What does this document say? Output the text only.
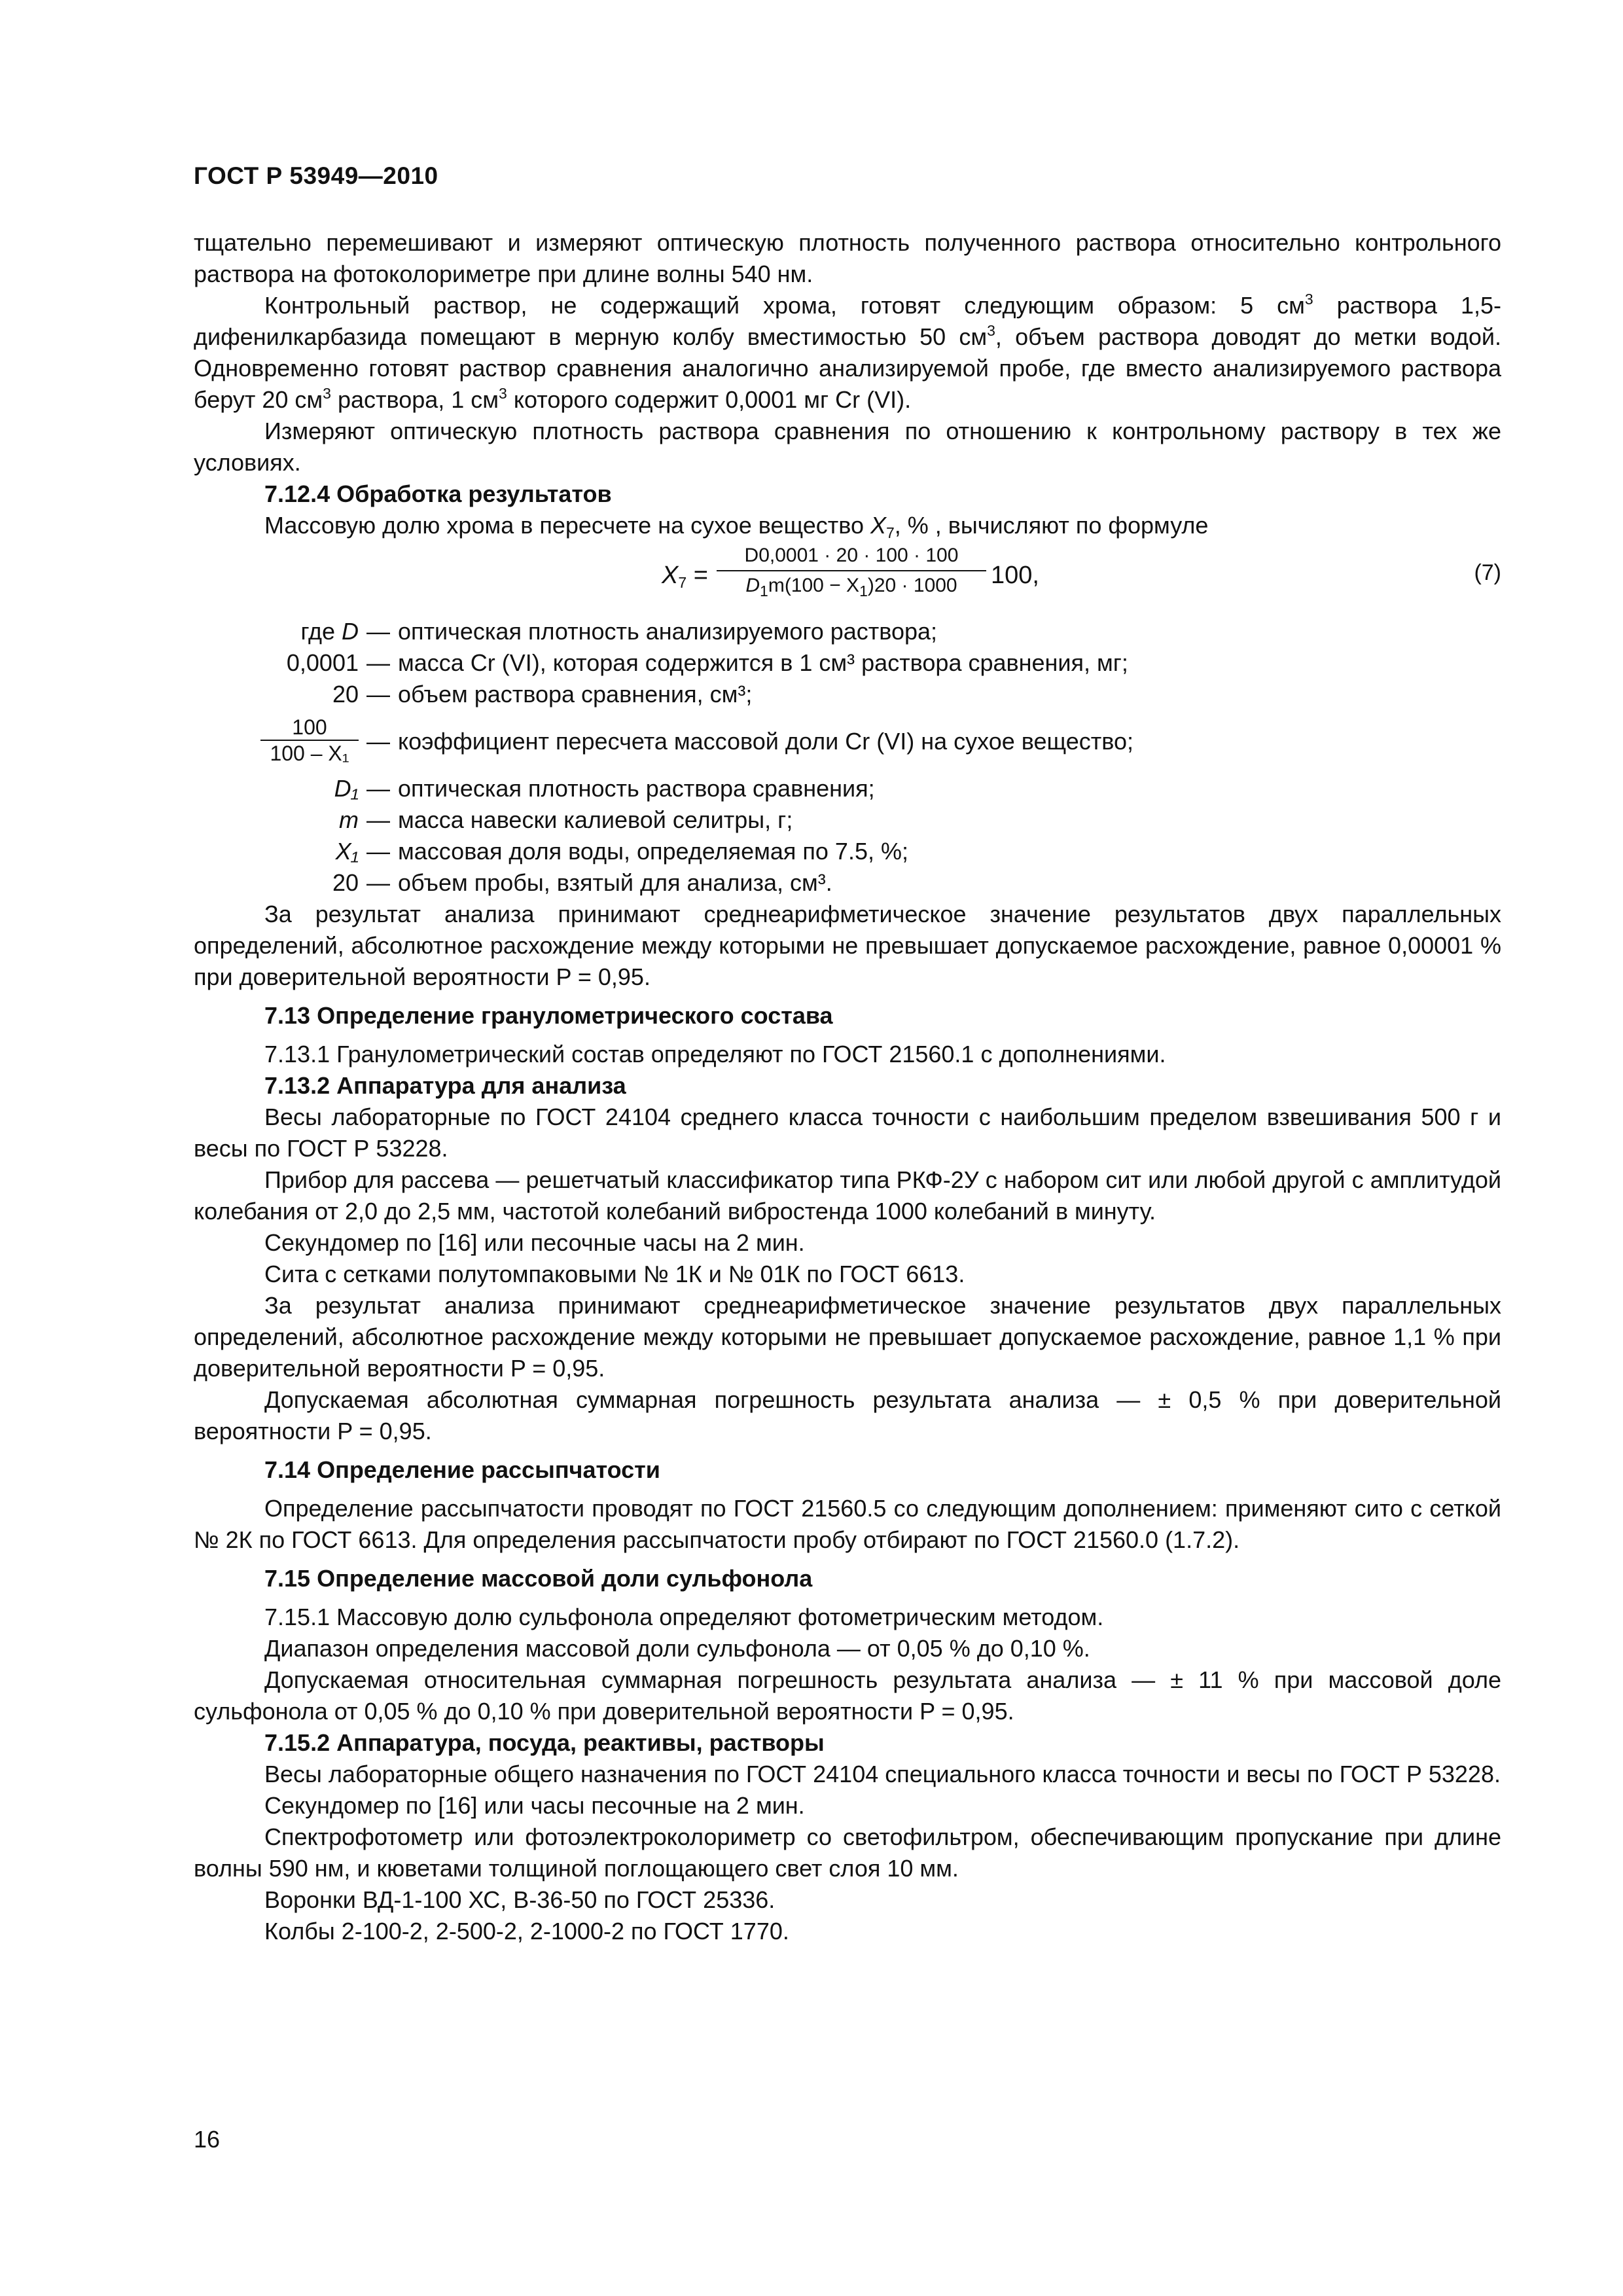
ГОСТ Р 53949—2010

тщательно перемешивают и измеряют оптическую плотность полученного раствора относительно контрольного раствора на фотоколориметре при длине волны 540 нм.

Контрольный раствор, не содержащий хрома, готовят следующим образом: 5 $см^3$ раствора 1,5-дифенилкарбазида помещают в мерную колбу вместимостью 50 $см^3$, объем раствора доводят до метки водой. Одновременно готовят раствор сравнения аналогично анализируемой пробе, где вместо анализируемого раствора берут 20 $см^3$ раствора, 1 $см^3$ которого содержит 0,0001 мг Cr (VI).

Измеряют оптическую плотность раствора сравнения по отношению к контрольному раствору в тех же условиях.

7.12.4 Обработка результатов

Массовую долю хрома в пересчете на сухое вещество $X_7$, % , вычисляют по формуле

$X_7$ =
D0,0001 · 20 · 100 · 100
$D_1m(100 - X_1)20 \cdot 1000$	100,	(7)
где D — оптическая плотность анализируемого раствора;
0,0001 — масса Cr (VI), которая содержится в 1 см³ раствора сравнения, мг;
20 — объем раствора сравнения, см³;
$\frac{100}{\text{100 – X₁}}$ — коэффициент пересчета массовой доли Cr (VI) на сухое вещество;
D₁ — оптическая плотность раствора сравнения;
m — масса навески калиевой селитры, г;
X₁ — массовая доля воды, определяемая по 7.5, %;
20 — объем пробы, взятый для анализа, см³.

За результат анализа принимают среднеарифметическое значение результатов двух параллельных определений, абсолютное расхождение между которыми не превышает допускаемое расхождение, равное 0,00001 % при доверительной вероятности P = 0,95.

7.13 Определение гранулометрического состава

7.13.1 Гранулометрический состав определяют по ГОСТ 21560.1 с дополнениями.

7.13.2 Аппаратура для анализа

Весы лабораторные по ГОСТ 24104 среднего класса точности с наибольшим пределом взвешивания 500 г и весы по ГОСТ Р 53228.

Прибор для рассева — решетчатый классификатор типа РКФ-2У с набором сит или любой другой с амплитудой колебания от 2,0 до 2,5 мм, частотой колебаний вибростенда 1000 колебаний в минуту.

Секундомер по [16] или песочные часы на 2 мин.

Сита с сетками полутомпаковыми № 1К и № 01К по ГОСТ 6613.

За результат анализа принимают среднеарифметическое значение результатов двух параллельных определений, абсолютное расхождение между которыми не превышает допускаемое расхождение, равное 1,1 % при доверительной вероятности P = 0,95.

Допускаемая абсолютная суммарная погрешность результата анализа — ± 0,5 % при доверительной вероятности P = 0,95.

7.14 Определение рассыпчатости

Определение рассыпчатости проводят по ГОСТ 21560.5 со следующим дополнением: применяют сито с сеткой № 2К по ГОСТ 6613. Для определения рассыпчатости пробу отбирают по ГОСТ 21560.0 (1.7.2).

7.15 Определение массовой доли сульфонола

7.15.1 Массовую долю сульфонола определяют фотометрическим методом.

Диапазон определения массовой доли сульфонола — от 0,05 % до 0,10 %.

Допускаемая относительная суммарная погрешность результата анализа — ± 11 % при массовой доле сульфонола от 0,05 % до 0,10 % при доверительной вероятности P = 0,95.

7.15.2 Аппаратура, посуда, реактивы, растворы

Весы лабораторные общего назначения по ГОСТ 24104 специального класса точности и весы по ГОСТ Р 53228.

Секундомер по [16] или часы песочные на 2 мин.

Спектрофотометр или фотоэлектроколориметр со светофильтром, обеспечивающим пропускание при длине волны 590 нм, и кюветами толщиной поглощающего свет слоя 10 мм.

Воронки ВД-1-100 ХС, В-36-50 по ГОСТ 25336.

Колбы 2-100-2, 2-500-2, 2-1000-2 по ГОСТ 1770.

16
